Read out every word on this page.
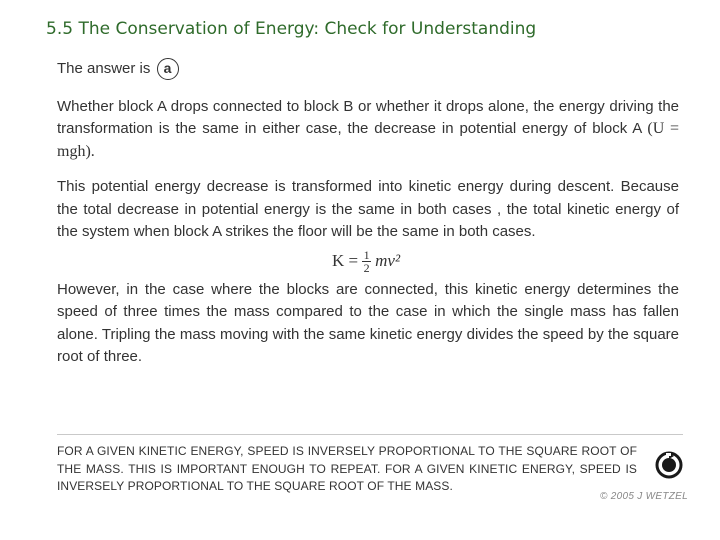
5.5 The Conservation of Energy: Check for Understanding
The answer is a
Whether block A drops connected to block B or whether it drops alone, the energy driving the transformation is the same in either case, the decrease in potential energy of block A (U = mgh).
This potential energy decrease is transformed into kinetic energy during descent. Because the total decrease in potential energy is the same in both cases , the total kinetic energy of the system when block A strikes the floor will be the same in both cases.
$K = \frac{1}{2} mv^2$
However, in the case where the blocks are connected, this kinetic energy determines the speed of three times the mass compared to the case in which the single mass has fallen alone. Tripling the mass moving with the same kinetic energy divides the speed by the square root of three.
FOR A GIVEN KINETIC ENERGY, SPEED IS INVERSELY PROPORTIONAL TO THE SQUARE ROOT OF THE MASS. THIS IS IMPORTANT ENOUGH TO REPEAT. FOR A GIVEN KINETIC ENERGY, SPEED IS INVERSELY PROPORTIONAL TO THE SQUARE ROOT OF THE MASS.
© 2005 J WETZEL
